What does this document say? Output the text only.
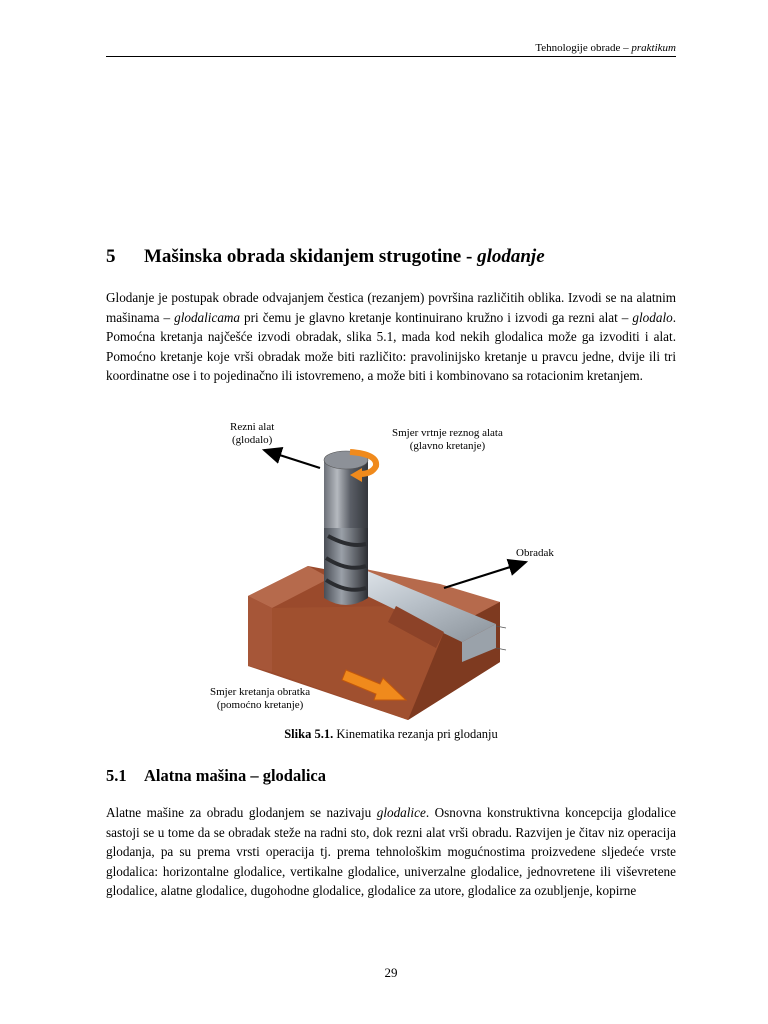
Tehnologije obrade – praktikum
5 Mašinska obrada skidanjem strugotine - glodanje
Glodanje je postupak obrade odvajanjem čestica (rezanjem) površina različitih oblika. Izvodi se na alatnim mašinama – glodalicama pri čemu je glavno kretanje kontinuirano kružno i izvodi ga rezni alat – glodalo. Pomoćna kretanja najčešće izvodi obradak, slika 5.1, mada kod nekih glodalica može ga izvoditi i alat. Pomoćno kretanje koje vrši obradak može biti različito: pravolinijsko kretanje u pravcu jedne, dvije ili tri koordinatne ose i to pojedinačno ili istovremeno, a može biti i kombinovano sa rotacionim kretanjem.
Rezni alat
(glodalo)
Smjer vrtnje reznog alata
(glavno kretanje)
Obradak
Smjer kretanja obratka
(pomoćno kretanje)
Slika 5.1. Kinematika rezanja pri glodanju
5.1 Alatna mašina – glodalica
Alatne mašine za obradu glodanjem se nazivaju glodalice. Osnovna konstruktivna koncepcija glodalice sastoji se u tome da se obradak steže na radni sto, dok rezni alat vrši obradu. Razvijen je čitav niz operacija glodanja, pa su prema vrsti operacija tj. prema tehnološkim mogućnostima proizvedene sljedeće vrste glodalica: horizontalne glodalice, vertikalne glodalice, univerzalne glodalice, jednovretene ili viševretene glodalice, alatne glodalice, dugohodne glodalice, glodalice za utore, glodalice za ozubljenje, kopirne
29
